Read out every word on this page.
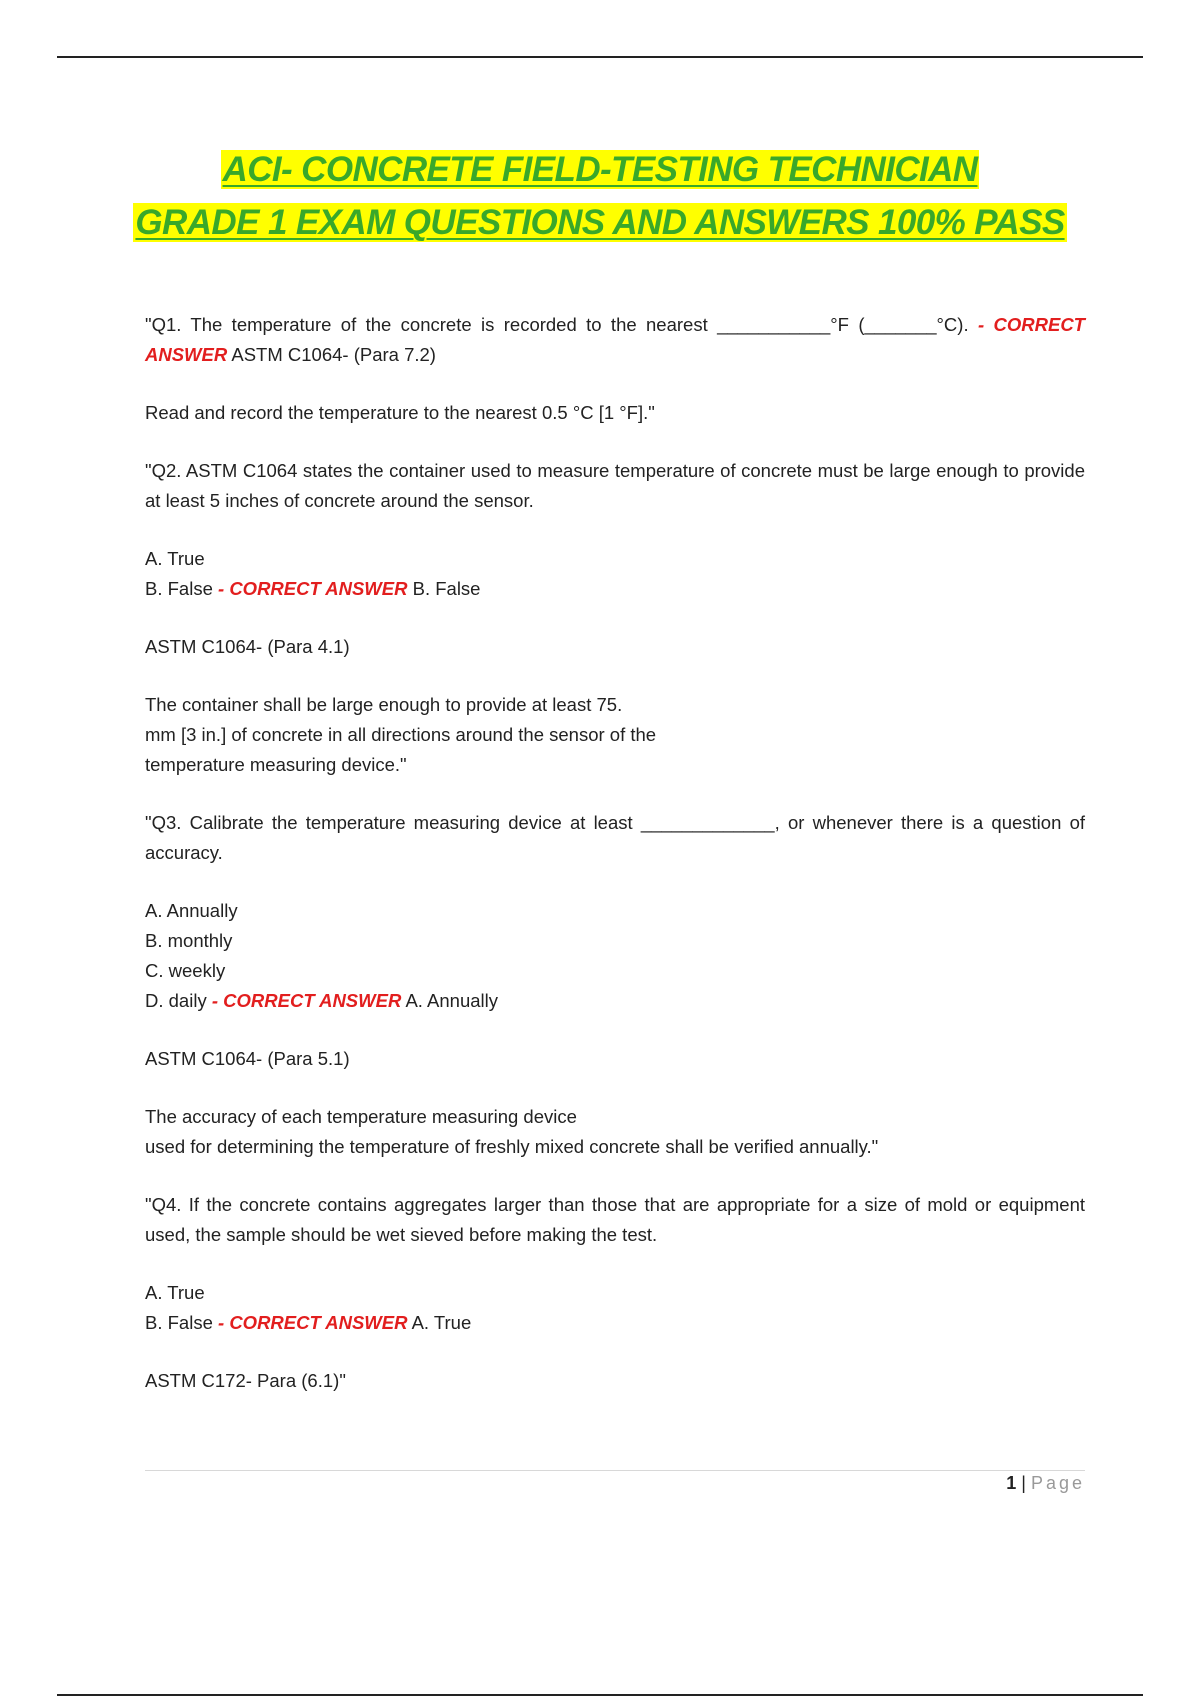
ACI- CONCRETE FIELD-TESTING TECHNICIAN
GRADE 1 EXAM QUESTIONS AND ANSWERS 100% PASS

"Q1. The temperature of the concrete is recorded to the nearest ___________°F (_______°C). - CORRECT ANSWER ASTM C1064- (Para 7.2)

Read and record the temperature to the nearest 0.5 °C [1 °F]."

"Q2. ASTM C1064 states the container used to measure temperature of concrete must be large enough to provide at least 5 inches of concrete around the sensor.

A. True
B. False - CORRECT ANSWER B. False

ASTM C1064- (Para 4.1)

The container shall be large enough to provide at least 75.
mm [3 in.] of concrete in all directions around the sensor of the
temperature measuring device."

"Q3. Calibrate the temperature measuring device at least _____________, or whenever there is a question of accuracy.

A. Annually
B. monthly
C. weekly
D. daily - CORRECT ANSWER A. Annually

ASTM C1064- (Para 5.1)

The accuracy of each temperature measuring device
used for determining the temperature of freshly mixed concrete shall be verified annually."

"Q4. If the concrete contains aggregates larger than those that are appropriate for a size of mold or equipment used, the sample should be wet sieved before making the test.

A. True
B. False - CORRECT ANSWER A. True

ASTM C172- Para (6.1)"

1 | Page
